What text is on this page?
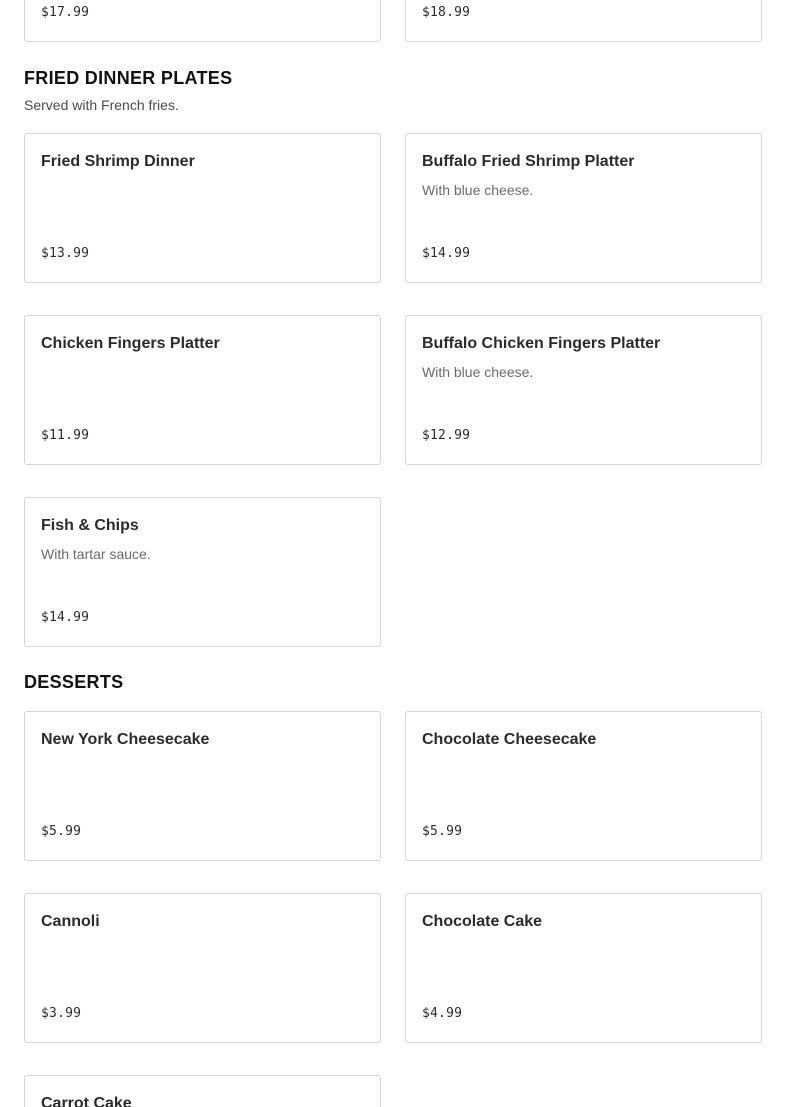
$17.99	$18.99
FRIED DINNER PLATES

Served with French fries.

Fried Shrimp Dinner
$13.99
Buffalo Fried Shrimp Platter
With blue cheese.
$14.99
Chicken Fingers Platter
$11.99
Buffalo Chicken Fingers Platter
With blue cheese.
$12.99
Fish & Chips
With tartar sauce.
$14.99
DESSERTS
New York Cheesecake
$5.99
Chocolate Cheesecake
$5.99
Cannoli
$3.99
Chocolate Cake
$4.99
Carrot Cake
